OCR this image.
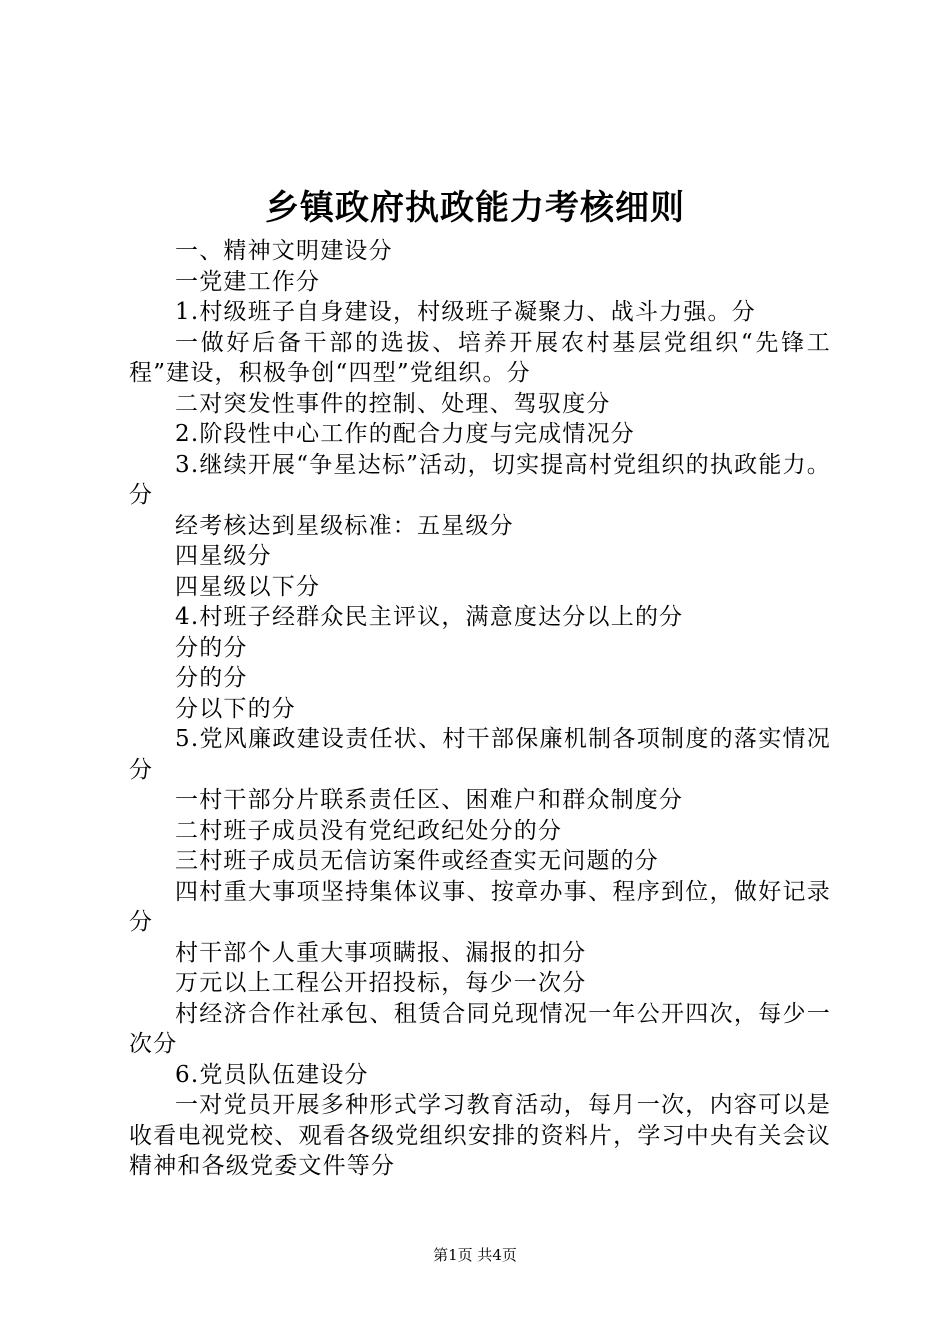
乡镇政府执政能力考核细则

一、精神文明建设分

一党建工作分

1.村级班子自身建设，村级班子凝聚力、战斗力强。分

一做好后备干部的选拔、培养开展农村基层党组织“先锋工程”建设，积极争创“四型”党组织。分

二对突发性事件的控制、处理、驾驭度分

2.阶段性中心工作的配合力度与完成情况分

3.继续开展“争星达标”活动，切实提高村党组织的执政能力。分

经考核达到星级标准：五星级分

四星级分

四星级以下分

4.村班子经群众民主评议，满意度达分以上的分

分的分

分的分

分以下的分

5.党风廉政建设责任状、村干部保廉机制各项制度的落实情况分

一村干部分片联系责任区、困难户和群众制度分

二村班子成员没有党纪政纪处分的分

三村班子成员无信访案件或经查实无问题的分

四村重大事项坚持集体议事、按章办事、程序到位，做好记录分

村干部个人重大事项瞒报、漏报的扣分

万元以上工程公开招投标，每少一次分

村经济合作社承包、租赁合同兑现情况一年公开四次，每少一次分

6.党员队伍建设分

一对党员开展多种形式学习教育活动，每月一次，内容可以是收看电视党校、观看各级党组织安排的资料片，学习中央有关会议精神和各级党委文件等分

第1页 共4页
